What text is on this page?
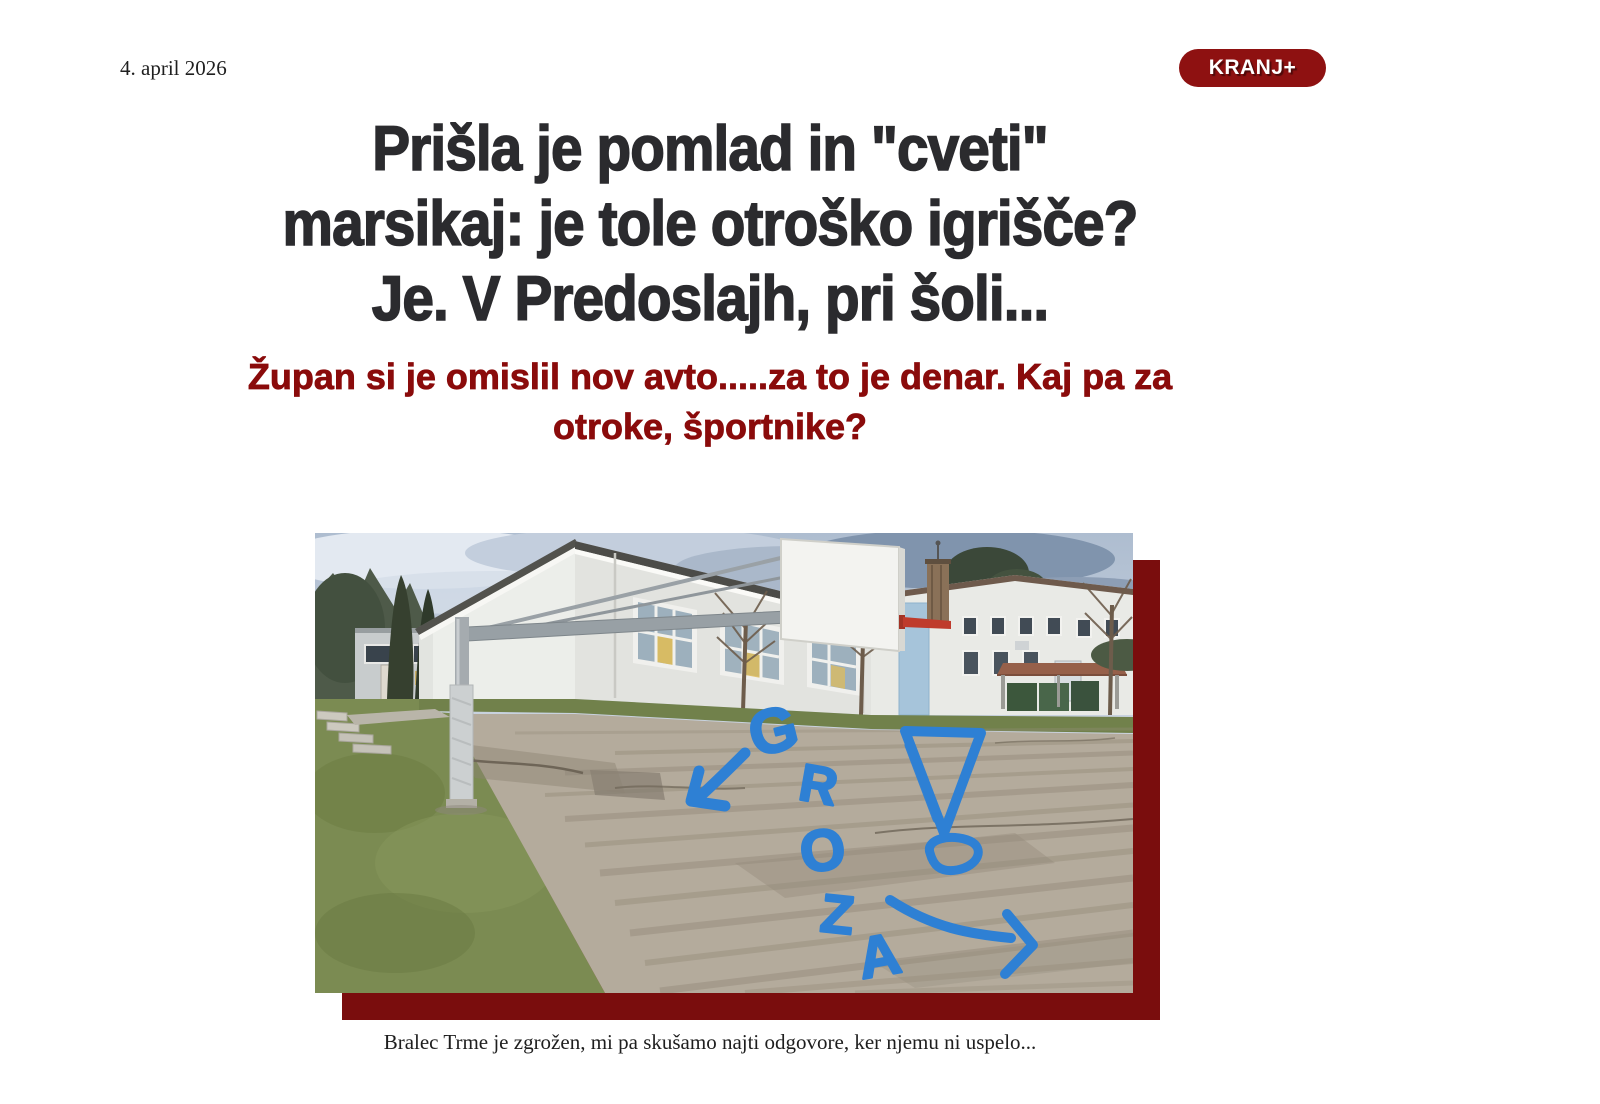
4. april 2026	KRANJ+
Prišla je pomlad in "cveti"
marsikaj: je tole otroško igrišče?
Je. V Predoslajh, pri šoli...
Župan si je omislil nov avto.....za to je denar. Kaj pa za
otroke, športnike?
G
R
O
Z
A
Bralec Trme je zgrožen, mi pa skušamo najti odgovore, ker njemu ni uspelo...
